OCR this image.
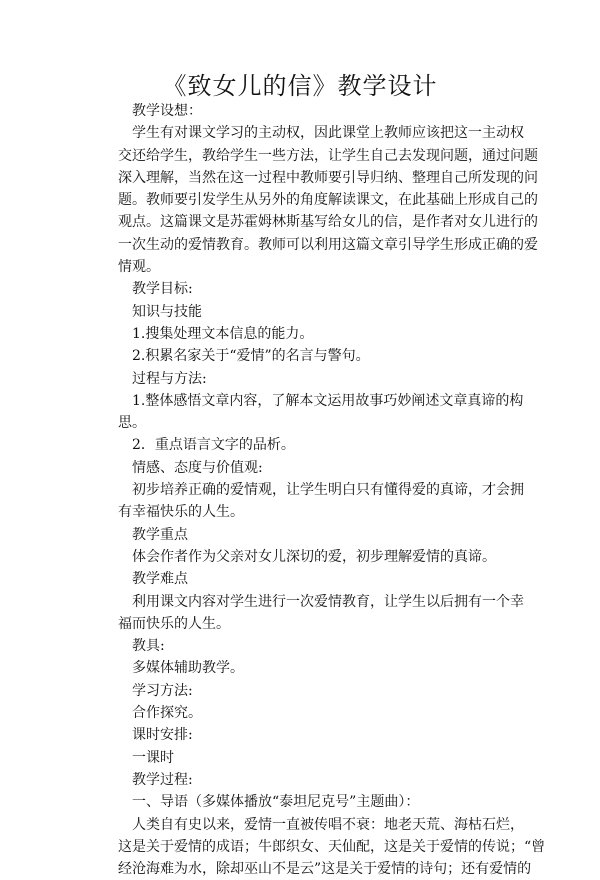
《致女儿的信》教学设计

　教学设想：

　学生有对课文学习的主动权，因此课堂上教师应该把这一主动权

交还给学生，教给学生一些方法，让学生自己去发现问题，通过问题

深入理解，当然在这一过程中教师要引导归纳、整理自己所发现的问

题。教师要引发学生从另外的角度解读课文，在此基础上形成自己的

观点。这篇课文是苏霍姆林斯基写给女儿的信，是作者对女儿进行的

一次生动的爱情教育。教师可以利用这篇文章引导学生形成正确的爱

情观。

　教学目标:

　知识与技能

　1.搜集处理文本信息的能力。

　2.积累名家关于“爱情”的名言与警句。

　过程与方法:

　1.整体感悟文章内容，了解本文运用故事巧妙阐述文章真谛的构

思。

　2．重点语言文字的品析。

　情感、态度与价值观:

　初步培养正确的爱情观，让学生明白只有懂得爱的真谛，才会拥

有幸福快乐的人生。

　教学重点

　体会作者作为父亲对女儿深切的爱，初步理解爱情的真谛。

　教学难点

　利用课文内容对学生进行一次爱情教育，让学生以后拥有一个幸

福而快乐的人生。

　教具:

　多媒体辅助教学。

　学习方法:

　合作探究。

　课时安排:

　一课时

　教学过程:

　一、导语（多媒体播放“泰坦尼克号”主题曲）：

　人类自有史以来，爱情一直被传唱不衰：地老天荒、海枯石烂，

这是关于爱情的成语；牛郎织女、天仙配，这是关于爱情的传说；“曾

经沧海难为水，除却巫山不是云”这是关于爱情的诗句；还有爱情的
